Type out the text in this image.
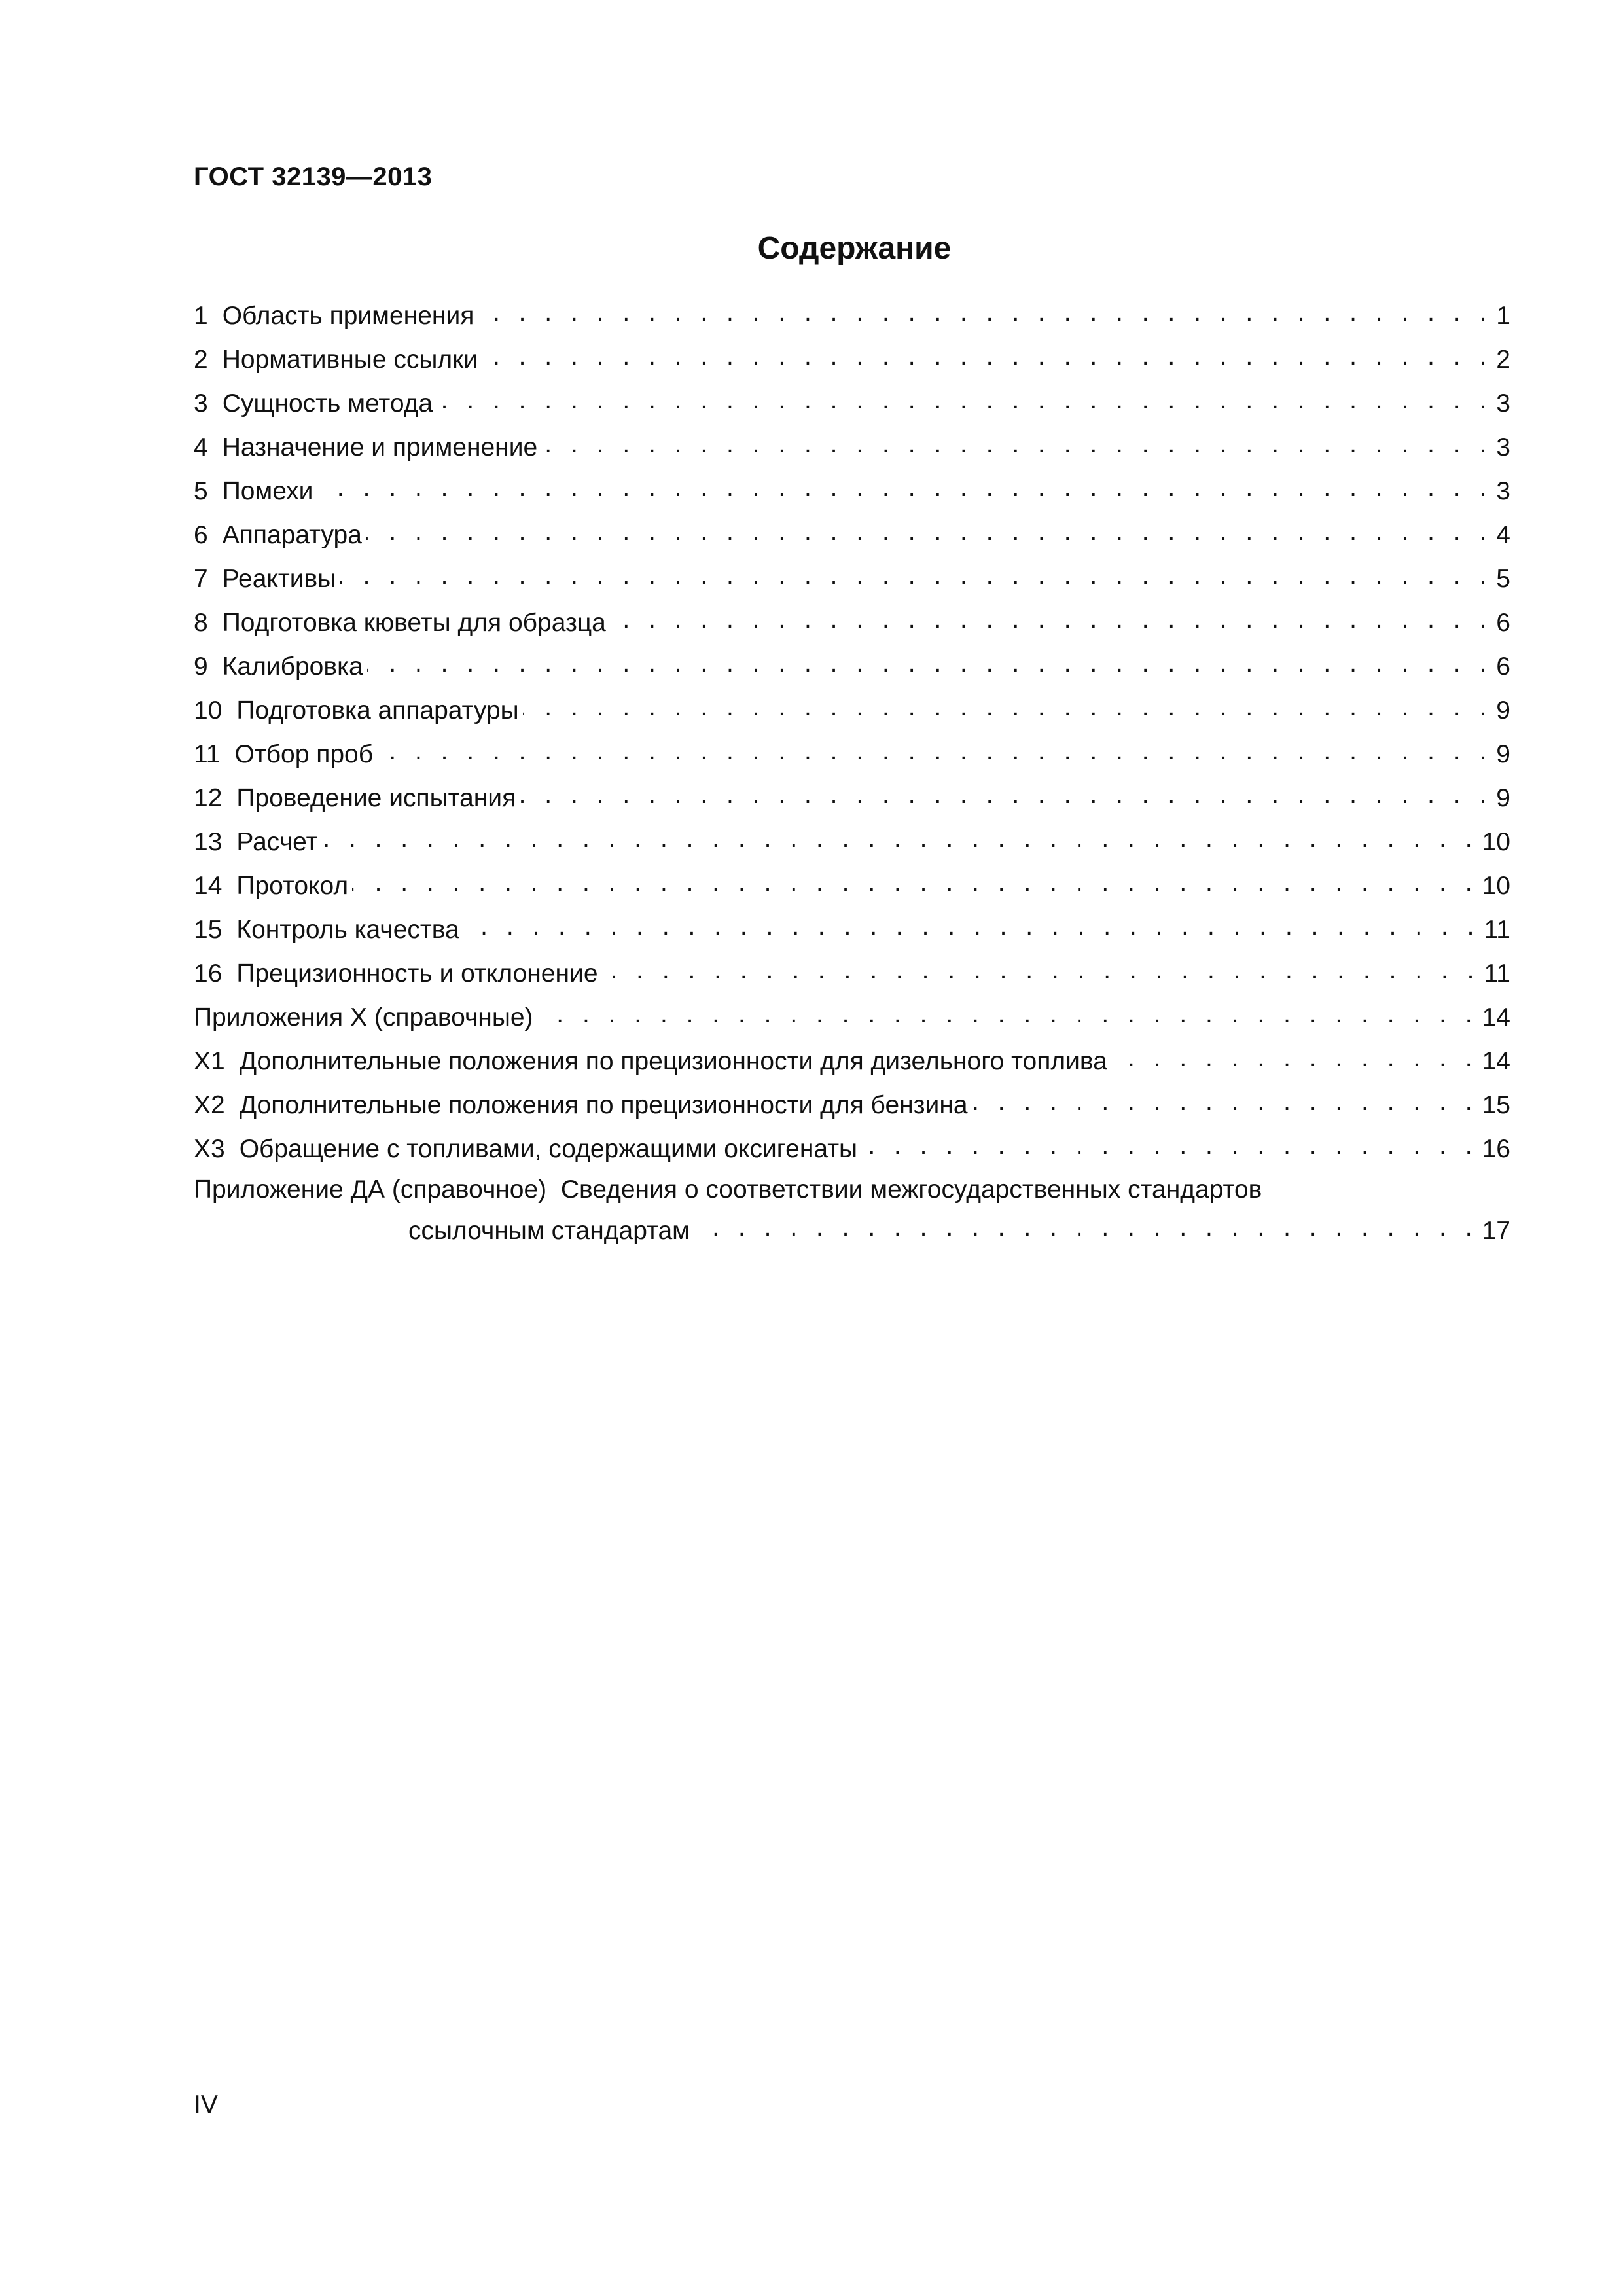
ГОСТ 32139—2013
Содержание
1 Область применения . . .	1
2 Нормативные ссылки . . .	2
3 Сущность метода . . .	3
4 Назначение и применение . . .	3
5 Помехи . . .	3
6 Аппаратура . . .	4
7 Реактивы . . .	5
8 Подготовка кюветы для образца . . .	6
9 Калибровка . . .	6
10 Подготовка аппаратуры . . .	9
11 Отбор проб . . .	9
12 Проведение испытания . . .	9
13 Расчет . . .	10
14 Протокол . . .	10
15 Контроль качества . . .	11
16 Прецизионность и отклонение . . .	11
Приложения X (справочные) . . .	14
X1 Дополнительные положения по прецизионности для дизельного топлива . . .	14
X2 Дополнительные положения по прецизионности для бензина . . .	15
X3 Обращение с топливами, содержащими оксигенаты . . .	16
Приложение ДА (справочное)  Сведения о соответствии межгосударственных стандартов
ссылочным стандартам . . .	17
IV
